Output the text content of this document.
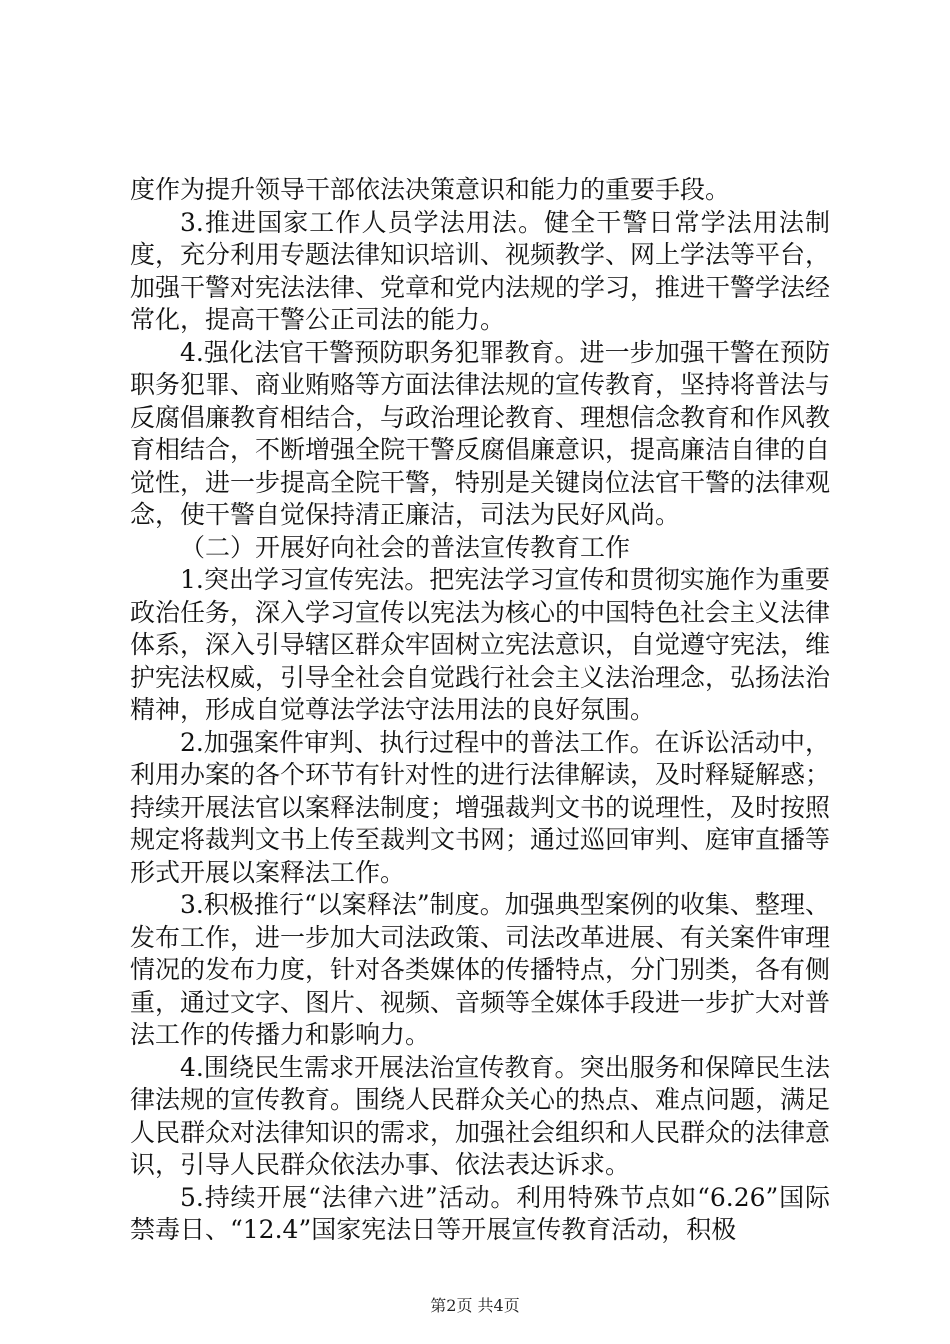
度作为提升领导干部依法决策意识和能力的重要手段。

3.推进国家工作人员学法用法。健全干警日常学法用法制度，充分利用专题法律知识培训、视频教学、网上学法等平台，加强干警对宪法法律、党章和党内法规的学习，推进干警学法经常化，提高干警公正司法的能力。

4.强化法官干警预防职务犯罪教育。进一步加强干警在预防职务犯罪、商业贿赂等方面法律法规的宣传教育，坚持将普法与反腐倡廉教育相结合，与政治理论教育、理想信念教育和作风教育相结合，不断增强全院干警反腐倡廉意识，提高廉洁自律的自觉性，进一步提高全院干警，特别是关键岗位法官干警的法律观念，使干警自觉保持清正廉洁，司法为民好风尚。

（二）开展好向社会的普法宣传教育工作

1.突出学习宣传宪法。把宪法学习宣传和贯彻实施作为重要政治任务，深入学习宣传以宪法为核心的中国特色社会主义法律体系，深入引导辖区群众牢固树立宪法意识，自觉遵守宪法，维护宪法权威，引导全社会自觉践行社会主义法治理念，弘扬法治精神，形成自觉尊法学法守法用法的良好氛围。

2.加强案件审判、执行过程中的普法工作。在诉讼活动中，利用办案的各个环节有针对性的进行法律解读，及时释疑解惑；持续开展法官以案释法制度；增强裁判文书的说理性，及时按照规定将裁判文书上传至裁判文书网；通过巡回审判、庭审直播等形式开展以案释法工作。

3.积极推行“以案释法”制度。加强典型案例的收集、整理、发布工作，进一步加大司法政策、司法改革进展、有关案件审理情况的发布力度，针对各类媒体的传播特点，分门别类，各有侧重，通过文字、图片、视频、音频等全媒体手段进一步扩大对普法工作的传播力和影响力。

4.围绕民生需求开展法治宣传教育。突出服务和保障民生法律法规的宣传教育。围绕人民群众关心的热点、难点问题，满足人民群众对法律知识的需求，加强社会组织和人民群众的法律意识，引导人民群众依法办事、依法表达诉求。

5.持续开展“法律六进”活动。利用特殊节点如“6.26”国际禁毒日、“12.4”国家宪法日等开展宣传教育活动，积极

第2页 共4页
